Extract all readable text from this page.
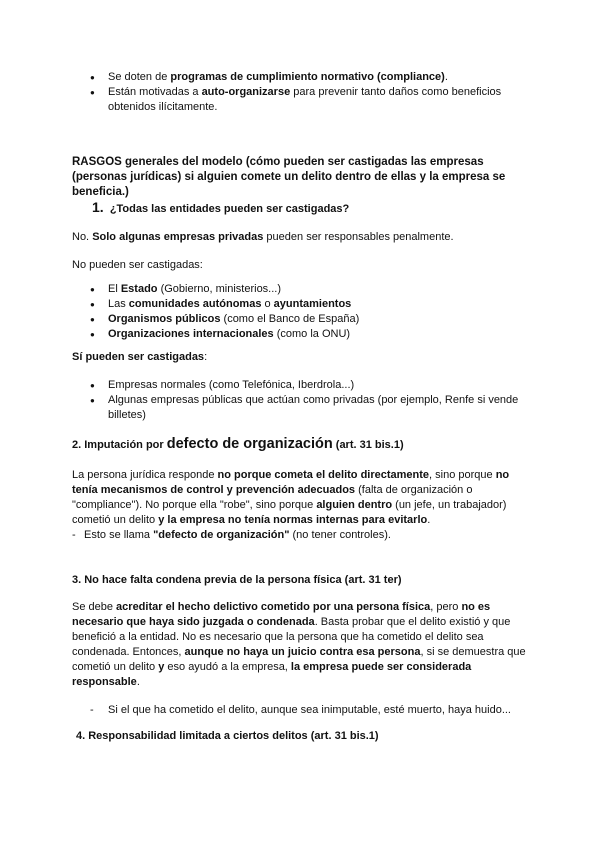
● Se doten de programas de cumplimiento normativo (compliance).
● Están motivadas a auto-organizarse para prevenir tanto daños como beneficios obtenidos ilícitamente.
RASGOS generales del modelo (cómo pueden ser castigadas las empresas (personas jurídicas) si alguien comete un delito dentro de ellas y la empresa se beneficia.)
1. ¿Todas las entidades pueden ser castigadas?
No. Solo algunas empresas privadas pueden ser responsables penalmente.
No pueden ser castigadas:
● El Estado (Gobierno, ministerios...)
● Las comunidades autónomas o ayuntamientos
● Organismos públicos (como el Banco de España)
● Organizaciones internacionales (como la ONU)
Sí pueden ser castigadas:
● Empresas normales (como Telefónica, Iberdrola...)
● Algunas empresas públicas que actúan como privadas (por ejemplo, Renfe si vende billetes)
2. Imputación por defecto de organización (art. 31 bis.1)
La persona jurídica responde no porque cometa el delito directamente, sino porque no tenía mecanismos de control y prevención adecuados (falta de organización o "compliance"). No porque ella "robe", sino porque alguien dentro (un jefe, un trabajador) cometió un delito y la empresa no tenía normas internas para evitarlo.
- Esto se llama "defecto de organización" (no tener controles).
3. No hace falta condena previa de la persona física (art. 31 ter)
Se debe acreditar el hecho delictivo cometido por una persona física, pero no es necesario que haya sido juzgada o condenada. Basta probar que el delito existió y que benefició a la entidad. No es necesario que la persona que ha cometido el delito sea condenada. Entonces, aunque no haya un juicio contra esa persona, si se demuestra que cometió un delito y eso ayudó a la empresa, la empresa puede ser considerada responsable.
- Si el que ha cometido el delito, aunque sea inimputable, esté muerto, haya huido...
4. Responsabilidad limitada a ciertos delitos (art. 31 bis.1)
